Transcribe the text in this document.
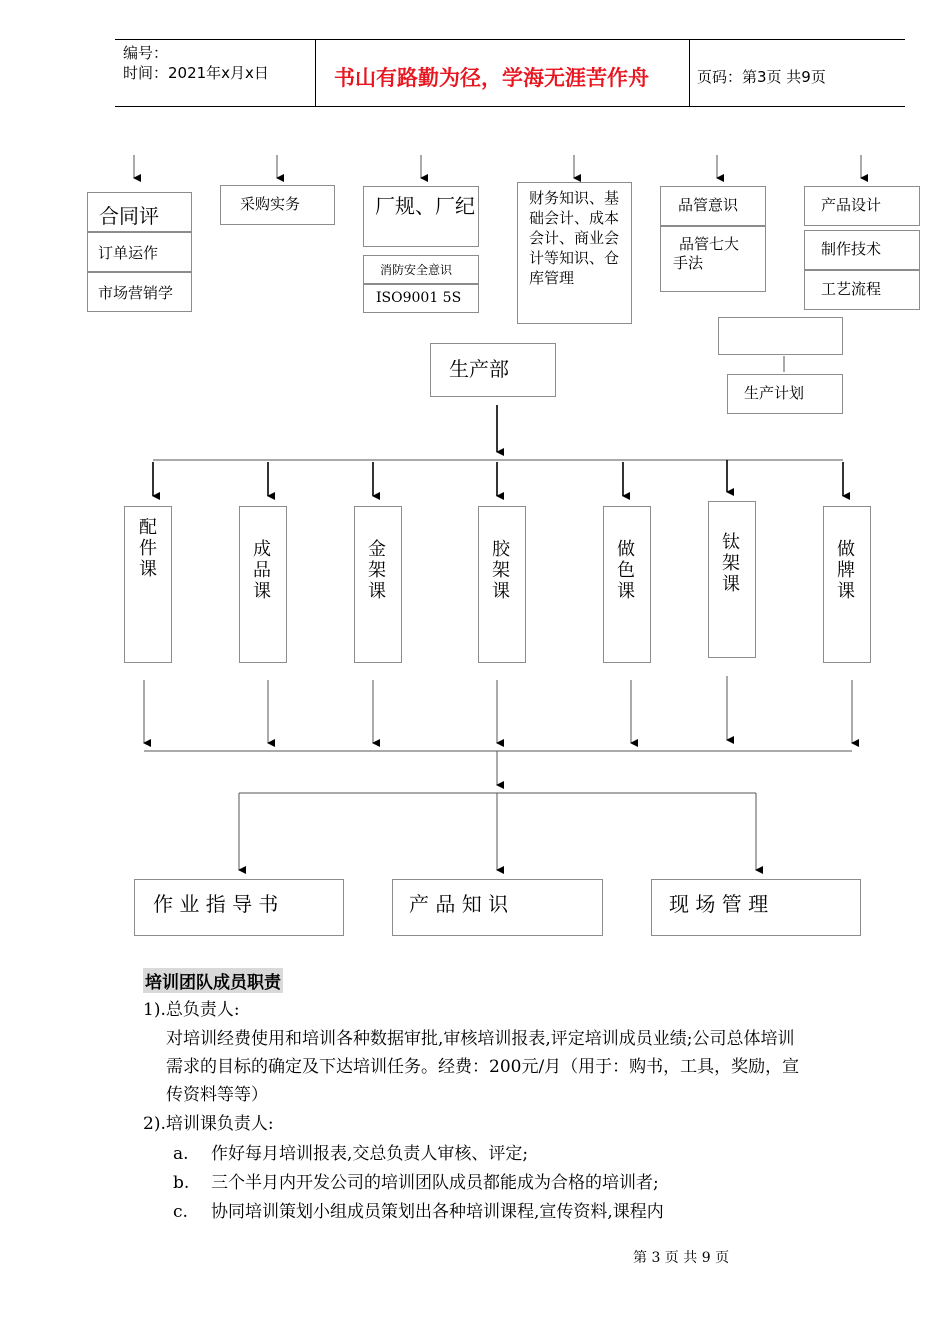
编号：
时间：2021年x月x日	书山有路勤为径，学海无涯苦作舟	页码：第3页 共9页
合同评
订单运作
市场营销学
采购实务	厂规、厂纪
消防安全意识
ISO9001 5S
财务知识、基础会计、成本会计、商业会计等知识、仓库管理
品管意识
品管七大手法
产品设计
制作技术
工艺流程
生产计划
生产部
配件课
成品课
金架课
胶架课
做色课
钛架课
做牌课
作 业 指 导 书	产 品 知 识	现 场 管 理
培训团队成员职责
1).总负责人:
对培训经费使用和培训各种数据审批,审核培训报表,评定培训成员业绩;公司总体培训
需求的目标的确定及下达培训任务。经费：200元/月（用于：购书，工具，奖励，宣
传资料等等）
2).培训课负责人:
a. 作好每月培训报表,交总负责人审核、评定;
b. 三个半月内开发公司的培训团队成员都能成为合格的培训者;
c. 协同培训策划小组成员策划出各种培训课程,宣传资料,课程内
第 3 页 共 9 页
